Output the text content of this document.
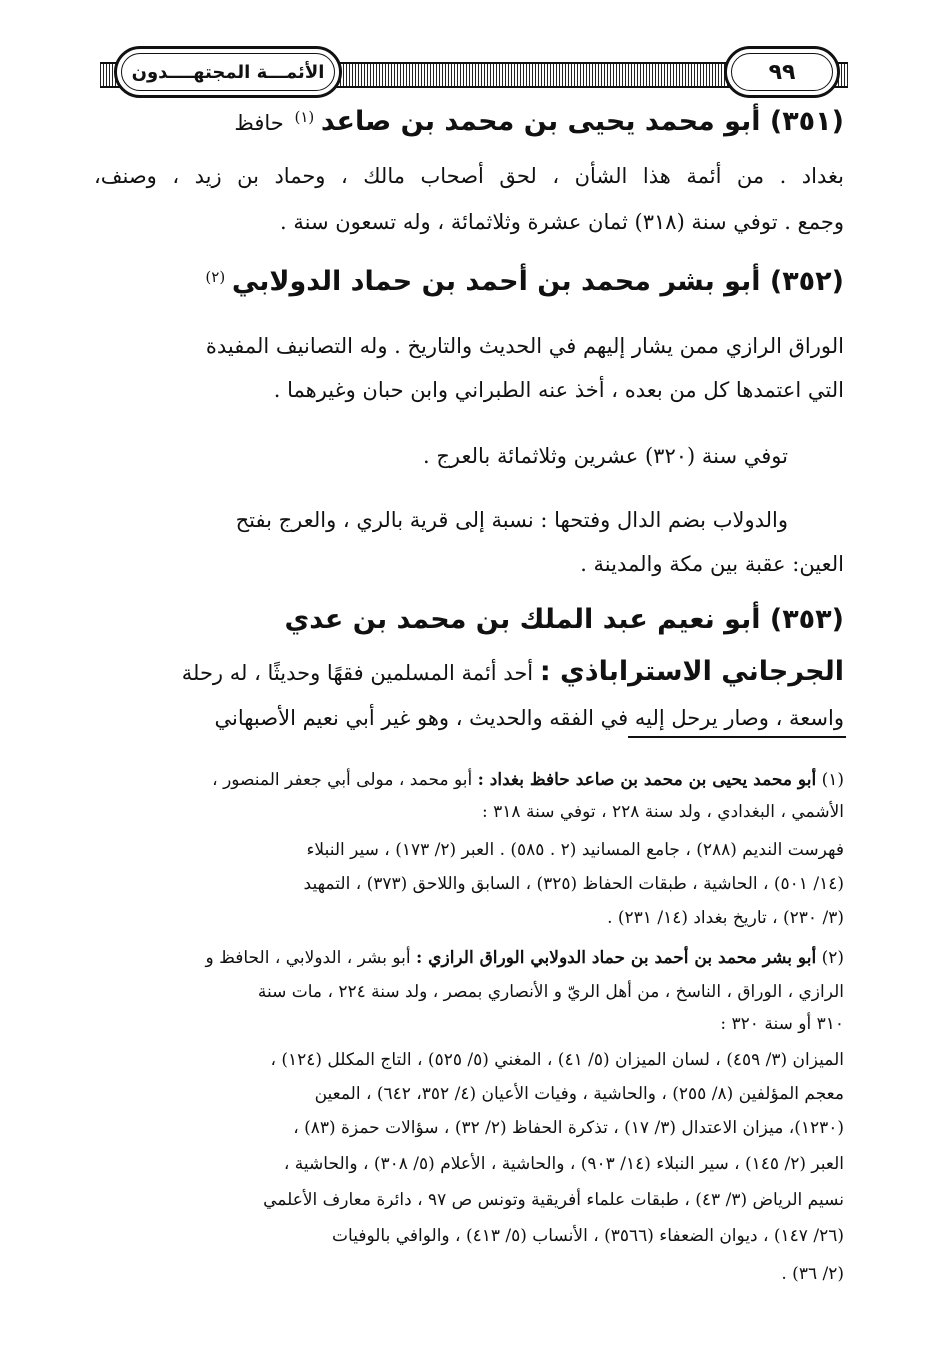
الأئمـــة المجتهــــدون	٩٩
(٣٥١) أبو محمد يحيى بن محمد بن صاعد $^{(١)}$ حافظ
بغداد . من أئمة هذا الشأن ، لحق أصحاب مالك ، وحماد بن زيد ، وصنف،
وجمع . توفي سنة (٣١٨) ثمان عشرة وثلاثمائة ، وله تسعون سنة .
(٣٥٢) أبو بشر محمد بن أحمد بن حماد الدولابي $^{(٢)}$
الوراق الرازي ممن يشار إليهم في الحديث والتاريخ . وله التصانيف المفيدة
التي اعتمدها كل من بعده ، أخذ عنه الطبراني وابن حبان وغيرهما .
توفي سنة (٣٢٠) عشرين وثلاثمائة بالعرج .
والدولاب بضم الدال وفتحها : نسبة إلى قرية بالري ، والعرج بفتح
العين: عقبة بين مكة والمدينة .
(٣٥٣) أبو نعيم عبد الملك بن محمد بن عدي
الجرجاني الاستراباذي : أحد أئمة المسلمين فقهًا وحديثًا ، له رحلة
واسعة ، وصار يرحل إليه في الفقه والحديث ، وهو غير أبي نعيم الأصبهاني
(١) أبو محمد يحيى بن محمد بن صاعد حافظ بغداد : أبو محمد ، مولى أبي جعفر المنصور ،
الأشمي ، البغدادي ، ولد سنة ٢٢٨ ، توفي سنة ٣١٨ :
فهرست النديم (٢٨٨) ، جامع المسانيد (٢ . ٥٨٥) . العبر (٢/ ١٧٣) ، سير النبلاء
(١٤/ ٥٠١) ، الحاشية ، طبقات الحفاظ (٣٢٥) ، السابق واللاحق (٣٧٣) ، التمهيد
(٣/ ٢٣٠) ، تاريخ بغداد (١٤/ ٢٣١) .
(٢) أبو بشر محمد بن أحمد بن حماد الدولابي الوراق الرازي : أبو بشر ، الدولابي ، الحافظ و
الرازي ، الوراق ، الناسخ ، من أهل الريّ و الأنصاري بمصر ، ولد سنة ٢٢٤ ، مات سنة
٣١٠ أو سنة ٣٢٠ :
الميزان (٣/ ٤٥٩) ، لسان الميزان (٥/ ٤١) ، المغني (٥/ ٥٢٥) ، التاج المكلل (١٢٤) ،
معجم المؤلفين (٨/ ٢٥٥) ، والحاشية ، وفيات الأعيان (٤/ ٣٥٢، ٦٤٢) ، المعين
(١٢٣٠)، ميزان الاعتدال (٣/ ١٧) ، تذكرة الحفاظ (٢/ ٣٢) ، سؤالات حمزة (٨٣) ،
العبر (٢/ ١٤٥) ، سير النبلاء (١٤/ ٩٠٣) ، والحاشية ، الأعلام (٥/ ٣٠٨) ، والحاشية ،
نسيم الرياض (٣/ ٤٣) ، طبقات علماء أفريقية وتونس ص ٩٧ ، دائرة معارف الأعلمي
(٢٦/ ١٤٧) ، ديوان الضعفاء (٣٥٦٦) ، الأنساب (٥/ ٤١٣) ، والوافي بالوفيات
(٢/ ٣٦) .
